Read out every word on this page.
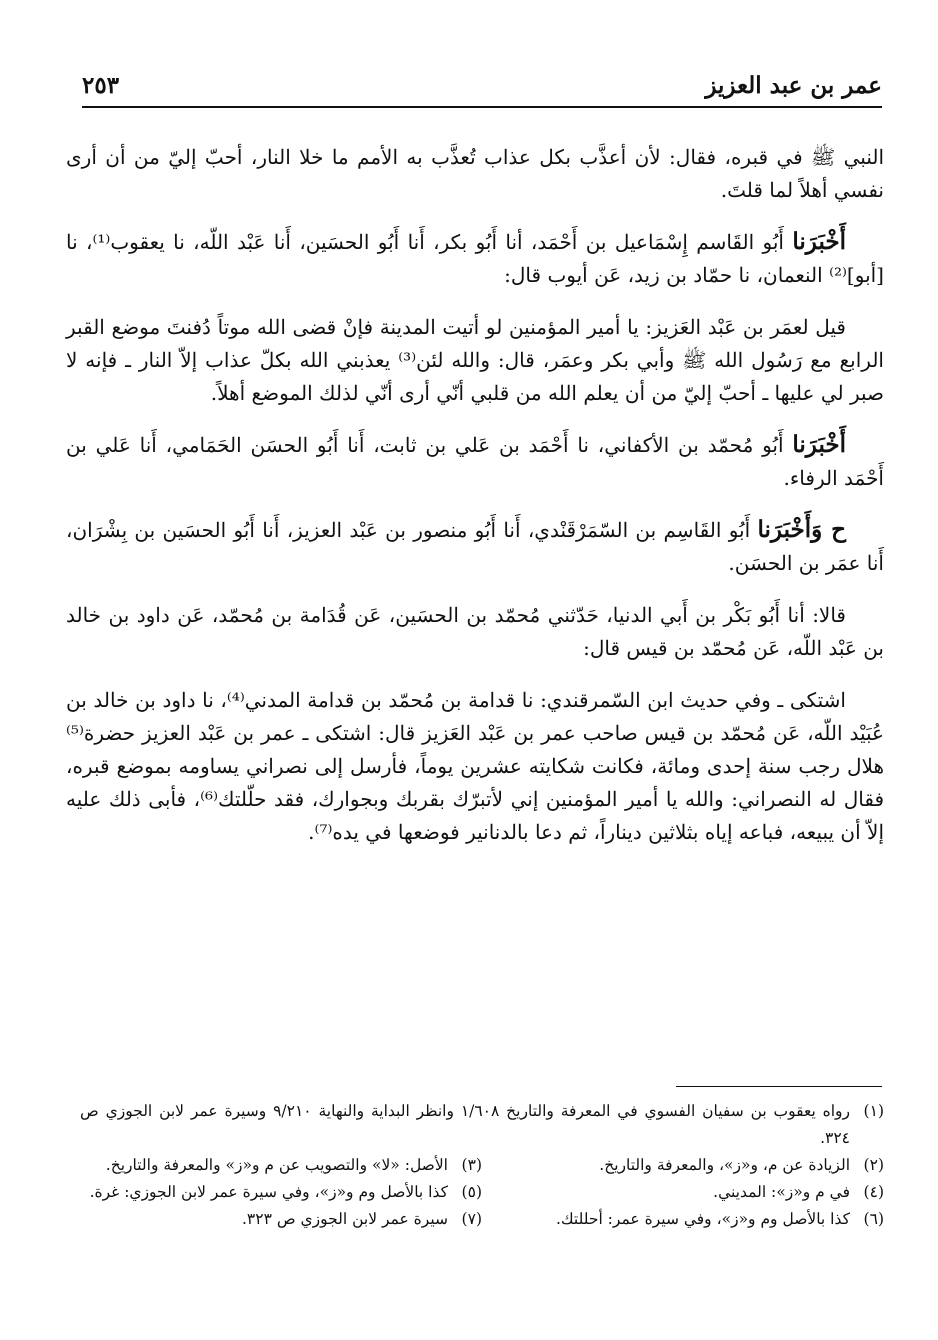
عمر بن عبد العزيز
٢٥٣

النبي ﷺ في قبره، فقال: لأن أعذَّب بكل عذاب تُعذَّب به الأمم ما خلا النار، أحبّ إليّ من أن أرى نفسي أهلاً لما قلتَ.

أَخْبَرَنا أَبُو القَاسم إِسْمَاعيل بن أَحْمَد، أنا أَبُو بكر، أَنا أَبُو الحسَين، أَنا عَبْد اللّه، نا يعقوب⁽¹⁾، نا [أبو]⁽²⁾ النعمان، نا حمّاد بن زيد، عَن أيوب قال:

قيل لعمَر بن عَبْد العَزيز: يا أمير المؤمنين لو أتيت المدينة فإنْ قضى الله موتاً دُفنتَ موضع القبر الرابع مع رَسُول الله ﷺ وأبي بكر وعمَر، قال: والله لئن⁽³⁾ يعذبني الله بكلّ عذاب إلاّ النار ـ فإنه لا صبر لي عليها ـ أحبّ إليّ من أن يعلم الله من قلبي أنّي أرى أنّي لذلك الموضع أهلاً.

أَخْبَرَنا أَبُو مُحمّد بن الأكفاني، نا أَحْمَد بن عَلي بن ثابت، أَنا أَبُو الحسَن الحَمَامي، أَنا عَلي بن أَحْمَد الرفاء.

ح وَأَخْبَرَنا أَبُو القَاسِم بن السّمَرْقَنْدي، أَنا أَبُو منصور بن عَبْد العزيز، أَنا أَبُو الحسَين بن بِشْرَان، أَنا عمَر بن الحسَن.

قالا: أنا أَبُو بَكْر بن أَبي الدنيا، حَدّثني مُحمّد بن الحسَين، عَن قُدَامة بن مُحمّد، عَن داود بن خالد بن عَبْد اللّه، عَن مُحمّد بن قيس قال:

اشتكى ـ وفي حديث ابن السّمرقندي: نا قدامة بن مُحمّد بن قدامة المدني⁽⁴⁾، نا داود بن خالد بن عُبَيْد اللّه، عَن مُحمّد بن قيس صاحب عمر بن عَبْد العَزيز قال: اشتكى ـ عمر بن عَبْد العزيز حضرة⁽⁵⁾ هلال رجب سنة إحدى ومائة، فكانت شكايته عشرين يوماً، فأرسل إلى نصراني يساومه بموضع قبره، فقال له النصراني: والله يا أمير المؤمنين إني لأتبرّك بقربك وبجوارك، فقد حلّلتك⁽⁶⁾، فأبى ذلك عليه إلاّ أن يبيعه، فباعه إياه بثلاثين ديناراً، ثم دعا بالدنانير فوضعها في يده⁽⁷⁾.

(١)
رواه يعقوب بن سفيان الفسوي في المعرفة والتاريخ ١/٦٠٨ وانظر البداية والنهاية ٩/٢١٠ وسيرة عمر لابن الجوزي ص ٣٢٤.
(٢)
الزيادة عن م، و«ز»، والمعرفة والتاريخ.
(٣)
الأصل: «لا» والتصويب عن م و«ز» والمعرفة والتاريخ.
(٤)
في م و«ز»: المديني.
(٥)
كذا بالأصل وم و«ز»، وفي سيرة عمر لابن الجوزي: غرة.
(٦)
كذا بالأصل وم و«ز»، وفي سيرة عمر: أحللتك.
(٧)
سيرة عمر لابن الجوزي ص ٣٢٣.
